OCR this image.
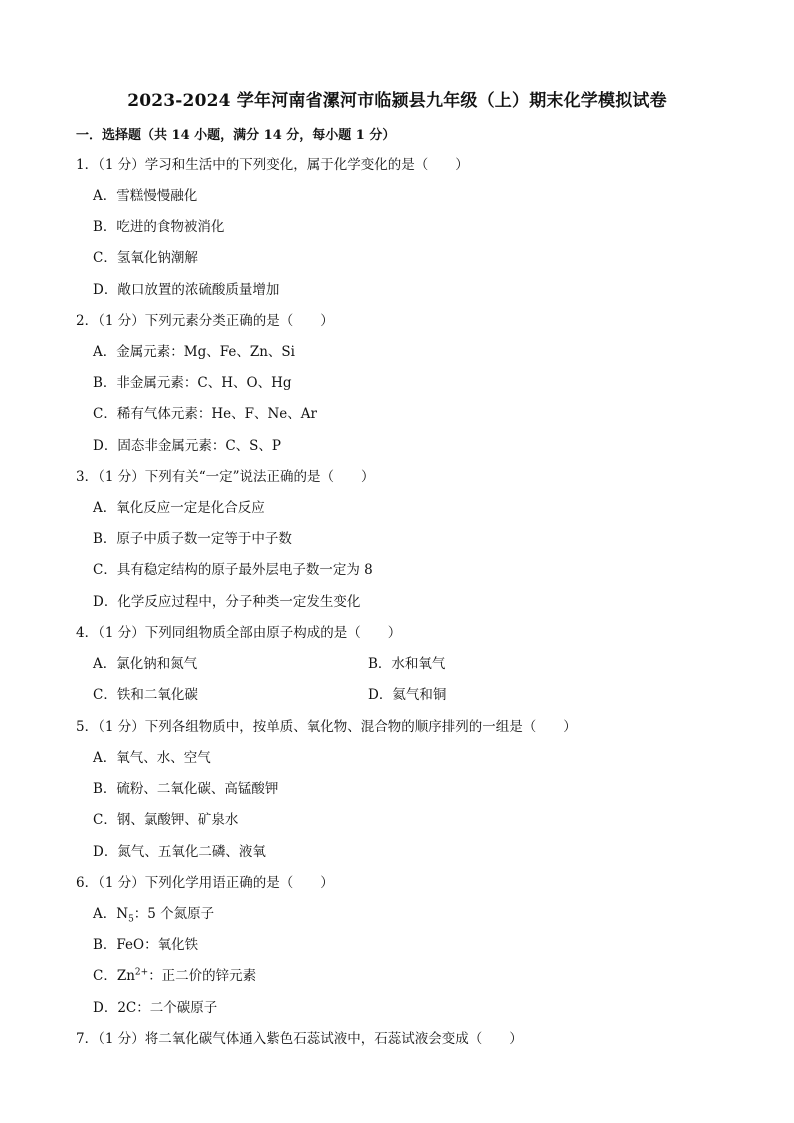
2023-2024 学年河南省漯河市临颍县九年级（上）期末化学模拟试卷
一．选择题（共 14 小题，满分 14 分，每小题 1 分）
1．（1 分）学习和生活中的下列变化，属于化学变化的是（　　）
A．雪糕慢慢融化
B．吃进的食物被消化
C．氢氧化钠潮解
D．敞口放置的浓硫酸质量增加
2．（1 分）下列元素分类正确的是（　　）
A．金属元素：Mg、Fe、Zn、Si
B．非金属元素：C、H、O、Hg
C．稀有气体元素：He、F、Ne、Ar
D．固态非金属元素：C、S、P
3．（1 分）下列有关“一定”说法正确的是（　　）
A．氧化反应一定是化合反应
B．原子中质子数一定等于中子数
C．具有稳定结构的原子最外层电子数一定为 8
D．化学反应过程中，分子种类一定发生变化
4．（1 分）下列同组物质全部由原子构成的是（　　）
A．氯化钠和氮气	B．水和氧气
C．铁和二氧化碳	D．氦气和铜
5．（1 分）下列各组物质中，按单质、氧化物、混合物的顺序排列的一组是（　　）
A．氧气、水、空气
B．硫粉、二氧化碳、高锰酸钾
C．钢、氯酸钾、矿泉水
D．氮气、五氧化二磷、液氧
6．（1 分）下列化学用语正确的是（　　）
A．$N_5$：5 个氮原子
B．FeO：氧化铁
C．$Zn^{2+}$：正二价的锌元素
D．2C：二个碳原子
7．（1 分）将二氧化碳气体通入紫色石蕊试液中，石蕊试液会变成（　　）
